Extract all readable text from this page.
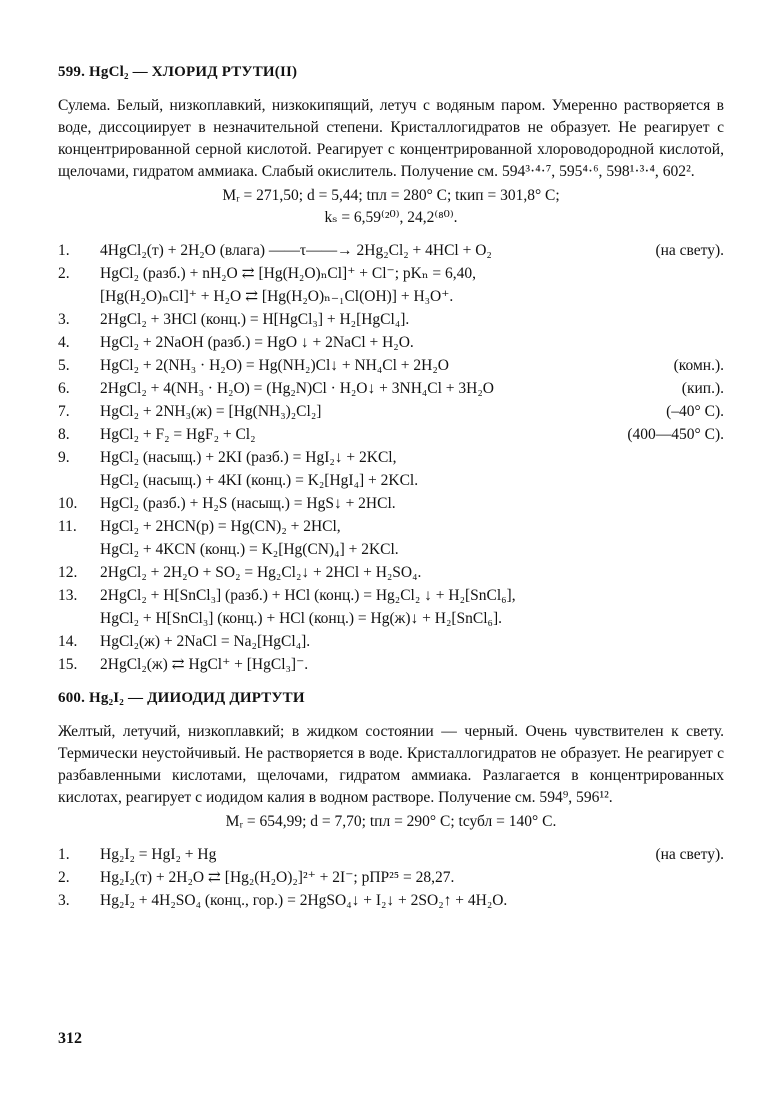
599. HgCl₂ — ХЛОРИД РТУТИ(II)

Сулема. Белый, низкоплавкий, низкокипящий, летуч с водяным паром. Умеренно растворяется в воде, диссоциирует в незначительной степени. Кристаллогидратов не образует. Не реагирует с концентрированной серной кислотой. Реагирует с концентрированной хлороводородной кислотой, щелочами, гидратом аммиака. Слабый окислитель. Получение см. 594³·⁴·⁷, 595⁴·⁶, 598¹·³·⁴, 602².

Mᵣ = 271,50; d = 5,44; tпл = 280° C; tкип = 301,8° C;
kₛ = 6,59⁽²⁰⁾, 24,2⁽⁸⁰⁾.
1.	4HgCl₂(т) + 2H₂O (влага) ——τ——→ 2Hg₂Cl₂ + 4HCl + O₂	(на свету).
2.	HgCl₂ (разб.) + nH₂O ⇄ [Hg(H₂O)ₙCl]⁺ + Cl⁻; pKₙ = 6,40,
[Hg(H₂O)ₙCl]⁺ + H₂O ⇄ [Hg(H₂O)ₙ₋₁Cl(OH)] + H₃O⁺.
3.	2HgCl₂ + 3HCl (конц.) = H[HgCl₃] + H₂[HgCl₄].
4.	HgCl₂ + 2NaOH (разб.) = HgO ↓ + 2NaCl + H₂O.
5.	HgCl₂ + 2(NH₃ · H₂O) = Hg(NH₂)Cl↓ + NH₄Cl + 2H₂O	(комн.).
6.	2HgCl₂ + 4(NH₃ · H₂O) = (Hg₂N)Cl · H₂O↓ + 3NH₄Cl + 3H₂O	(кип.).
7.	HgCl₂ + 2NH₃(ж) = [Hg(NH₃)₂Cl₂]	(–40° C).
8.	HgCl₂ + F₂ = HgF₂ + Cl₂	(400—450° C).
9.	HgCl₂ (насыщ.) + 2KI (разб.) = HgI₂↓ + 2KCl,
HgCl₂ (насыщ.) + 4KI (конц.) = K₂[HgI₄] + 2KCl.
10.	HgCl₂ (разб.) + H₂S (насыщ.) = HgS↓ + 2HCl.
11.	HgCl₂ + 2HCN(р) = Hg(CN)₂ + 2HCl,
HgCl₂ + 4KCN (конц.) = K₂[Hg(CN)₄] + 2KCl.
12.	2HgCl₂ + 2H₂O + SO₂ = Hg₂Cl₂↓ + 2HCl + H₂SO₄.
13.	2HgCl₂ + H[SnCl₃] (разб.) + HCl (конц.) = Hg₂Cl₂ ↓ + H₂[SnCl₆],
HgCl₂ + H[SnCl₃] (конц.) + HCl (конц.) = Hg(ж)↓ + H₂[SnCl₆].
14.	HgCl₂(ж) + 2NaCl = Na₂[HgCl₄].
15.	2HgCl₂(ж) ⇄ HgCl⁺ + [HgCl₃]⁻.
600. Hg₂I₂ — ДИИОДИД ДИРТУТИ

Желтый, летучий, низкоплавкий; в жидком состоянии — черный. Очень чувствителен к свету. Термически неустойчивый. Не растворяется в воде. Кристаллогидратов не образует. Не реагирует с разбавленными кислотами, щелочами, гидратом аммиака. Разлагается в концентрированных кислотах, реагирует с иодидом калия в водном растворе. Получение см. 594⁹, 596¹².

Mᵣ = 654,99; d = 7,70; tпл = 290° C; tсубл = 140° C.
1.	Hg₂I₂ = HgI₂ + Hg	(на свету).
2.	Hg₂I₂(т) + 2H₂O ⇄ [Hg₂(H₂O)₂]²⁺ + 2I⁻; pПР²⁵ = 28,27.
3.	Hg₂I₂ + 4H₂SO₄ (конц., гор.) = 2HgSO₄↓ + I₂↓ + 2SO₂↑ + 4H₂O.
312
